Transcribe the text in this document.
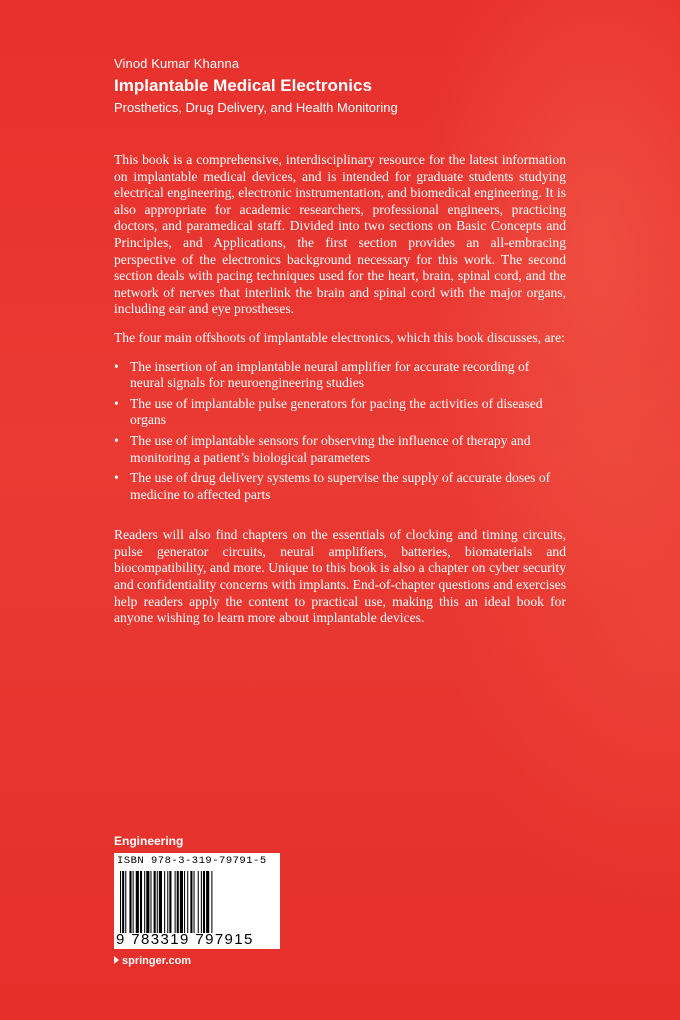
Vinod Kumar Khanna

Implantable Medical Electronics

Prosthetics, Drug Delivery, and Health Monitoring

This book is a comprehensive, interdisciplinary resource for the latest information on implantable medical devices, and is intended for graduate students studying electrical engineering, electronic instrumentation, and biomedical engineering. It is also appropriate for academic researchers, professional engineers, practicing doctors, and paramedical staff. Divided into two sections on Basic Concepts and Principles, and Applications, the first section provides an all-embracing perspective of the electronics background necessary for this work. The second section deals with pacing techniques used for the heart, brain, spinal cord, and the network of nerves that interlink the brain and spinal cord with the major organs, including ear and eye prostheses.

The four main offshoots of implantable electronics, which this book discusses, are:

• The insertion of an implantable neural amplifier for accurate recording of neural signals for neuroengineering studies
• The use of implantable pulse generators for pacing the activities of diseased organs
• The use of implantable sensors for observing the influence of therapy and monitoring a patient’s biological parameters
• The use of drug delivery systems to supervise the supply of accurate doses of medicine to affected parts

Readers will also find chapters on the essentials of clocking and timing circuits, pulse generator circuits, neural amplifiers, batteries, biomaterials and biocompatibility, and more. Unique to this book is also a chapter on cyber security and confidentiality concerns with implants. End-of-chapter questions and exercises help readers apply the content to practical use, making this an ideal book for anyone wishing to learn more about implantable devices.

Engineering
ISBN 978-3-319-79791-5
9 783319 797915
springer.com
